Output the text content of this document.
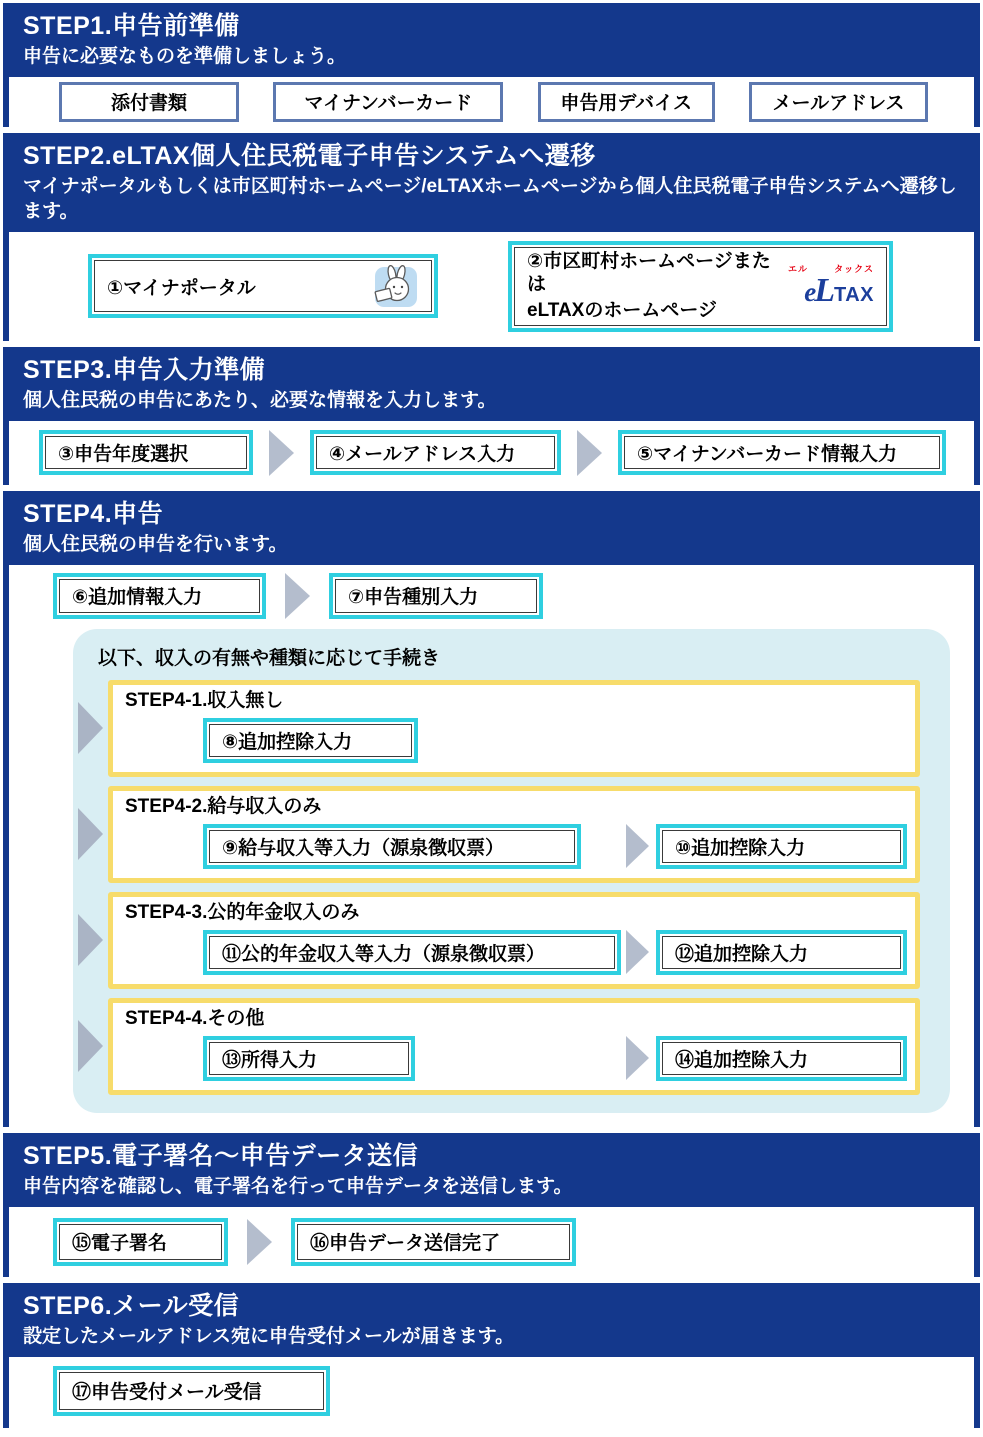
STEP1.申告前準備

申告に必要なものを準備しましょう。

添付書類	マイナンバーカード	申告用デバイス	メールアドレス
STEP2.eLTAX個人住民税電子申告システムへ遷移

マイナポータルもしくは市区町村ホームページ/eLTAXホームページから個人住民税電子申告システムへ遷移します。

①マイナポータル
②市区町村ホームページまたは
eLTAXのホームページ
エル	タックス
e
L TAX
STEP3.申告入力準備

個人住民税の申告にあたり、必要な情報を入力します。

③申告年度選択	④メールアドレス入力	⑤マイナンバーカード情報入力
STEP4.申告

個人住民税の申告を行います。

⑥追加情報入力	⑦申告種別入力

以下、収入の有無や種類に応じて手続き

STEP4-1.収入無し
⑧追加控除入力
STEP4-2.給与収入のみ
⑨給与収入等入力（源泉徴収票）	⑩追加控除入力
STEP4-3.公的年金収入のみ
⑪公的年金収入等入力（源泉徴収票）	⑫追加控除入力
STEP4-4.その他
⑬所得入力	⑭追加控除入力
STEP5.電子署名～申告データ送信

申告内容を確認し、電子署名を行って申告データを送信します。

⑮電子署名	⑯申告データ送信完了
STEP6.メール受信

設定したメールアドレス宛に申告受付メールが届きます。

⑰申告受付メール受信
